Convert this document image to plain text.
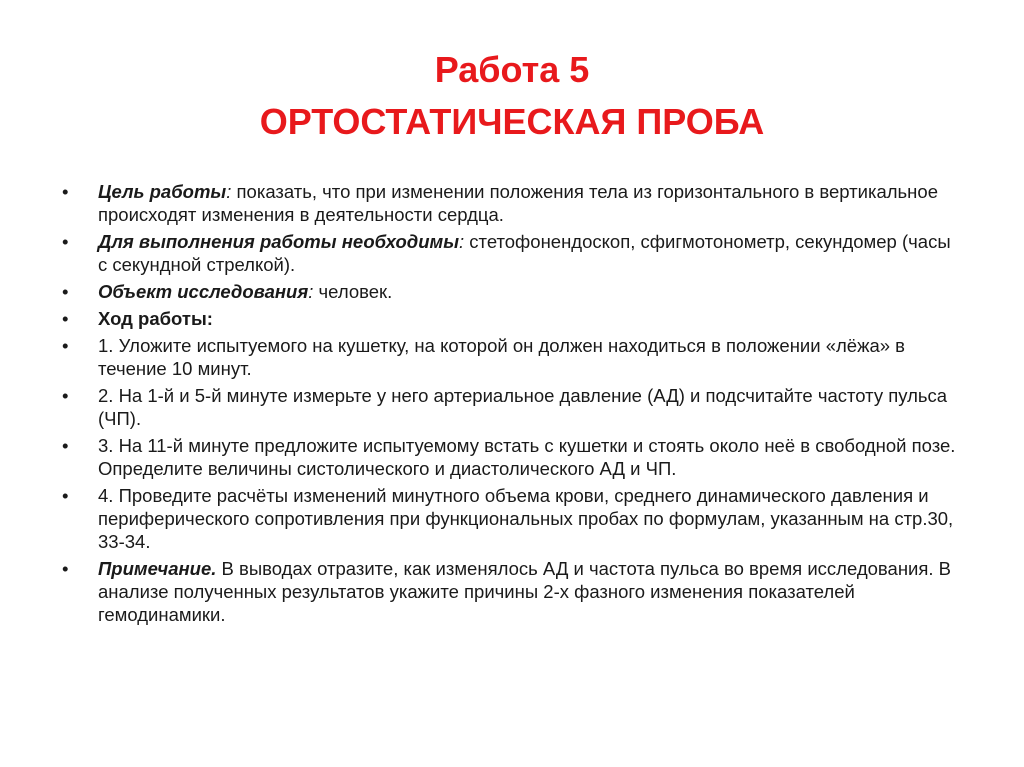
Работа 5
ОРТОСТАТИЧЕСКАЯ ПРОБА
•	Цель работы: показать, что при изменении положения тела из горизонтального в вертикальное происходят изменения в деятельности сердца.
•	Для выполнения работы необходимы: стетофонендоскоп, сфигмотонометр, секундомер (часы с секундной стрелкой).
•	Объект исследования: человек.
•	Ход работы:
•	1. Уложите испытуемого на кушетку, на которой он должен находиться в положении «лёжа» в течение 10 минут.
•	2. На 1-й и 5-й минуте измерьте у него артериальное давление (АД) и подсчитайте частоту пульса (ЧП).
•	3. На 11-й минуте предложите испытуемому встать с кушетки и стоять около неё в свободной позе. Определите величины систолического и диастолического АД и ЧП.
•	4. Проведите расчёты изменений минутного объема крови, среднего динамического давления и периферического сопротивления при функциональных пробах по формулам, указанным на стр.30, 33-34.
•	Примечание. В выводах отразите, как изменялось АД и частота пульса во время исследования. В анализе полученных результатов укажите причины 2-х фазного изменения показателей гемодинамики.
